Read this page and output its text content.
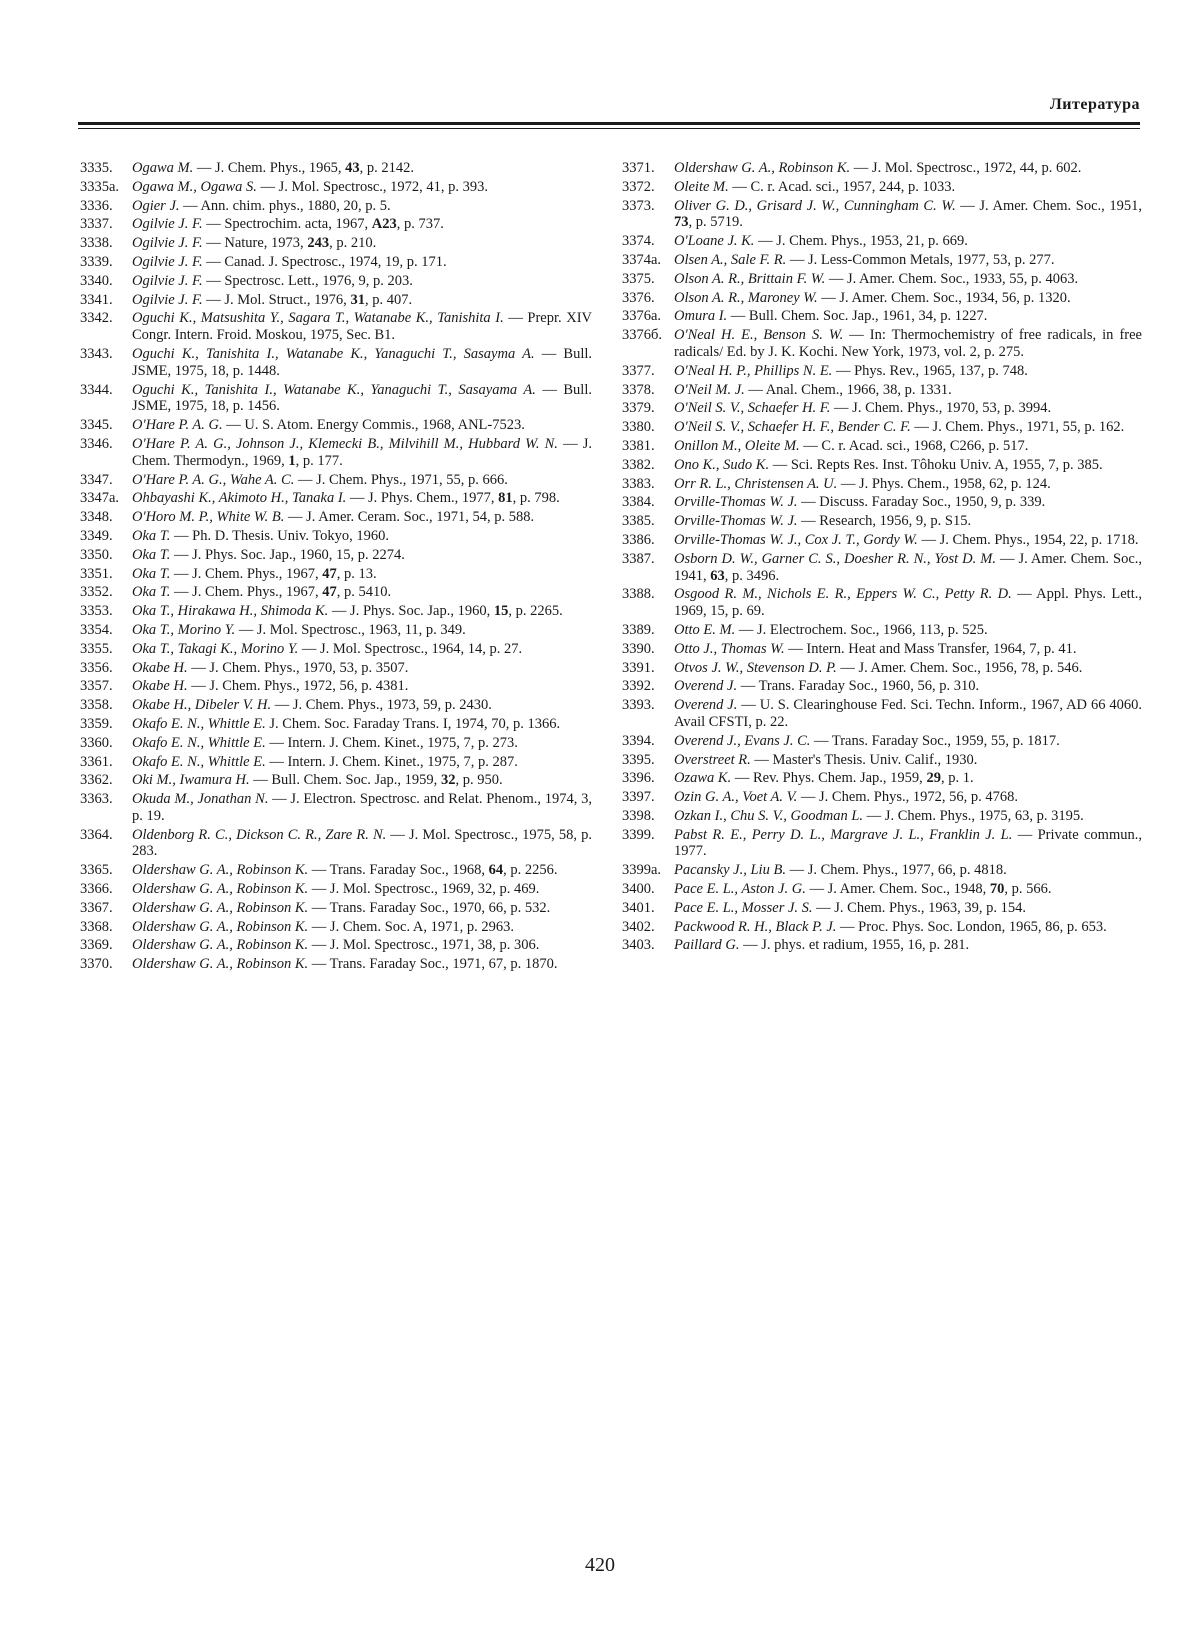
Литература
3335.	Ogawa M. — J. Chem. Phys., 1965, 43, p. 2142.
3335a. Ogawa M., Ogawa S. — J. Mol. Spectrosc., 1972, 41, p. 393.
3336.	Ogier J. — Ann. chim. phys., 1880, 20, p. 5.
3337.	Ogilvie J. F. — Spectrochim. acta, 1967, A23, p. 737.
3338.	Ogilvie J. F. — Nature, 1973, 243, p. 210.
3339.	Ogilvie J. F. — Canad. J. Spectrosc., 1974, 19, p. 171.
3340.	Ogilvie J. F. — Spectrosc. Lett., 1976, 9, p. 203.
3341.	Ogilvie J. F. — J. Mol. Struct., 1976, 31, p. 407.
3342.	Oguchi K., Matsushita Y., Sagara T., Watanabe K., Tanishita I. — Prepr. XIV Congr. Intern. Froid. Moskou, 1975, Sec. B1.
3343.	Oguchi K., Tanishita I., Watanabe K., Yanaguchi T., Sasayma A. — Bull. JSME, 1975, 18, p. 1448.
3344.	Oguchi K., Tanishita I., Watanabe K., Yanaguchi T., Sasayama A. — Bull. JSME, 1975, 18, p. 1456.
3345.	O'Hare P. A. G. — U. S. Atom. Energy Commis., 1968, ANL-7523.
3346.	O'Hare P. A. G., Johnson J., Klemecki B., Milvihill M., Hubbard W. N. — J. Chem. Thermodyn., 1969, 1, p. 177.
3347.	O'Hare P. A. G., Wahe A. C. — J. Chem. Phys., 1971, 55, p. 666.
3347a. Ohbayashi K., Akimoto H., Tanaka I. — J. Phys. Chem., 1977, 81, p. 798.
3348.	O'Horo M. P., White W. B. — J. Amer. Ceram. Soc., 1971, 54, p. 588.
3349.	Oka T. — Ph. D. Thesis. Univ. Tokyo, 1960.
3350.	Oka T. — J. Phys. Soc. Jap., 1960, 15, p. 2274.
3351.	Oka T. — J. Chem. Phys., 1967, 47, p. 13.
3352.	Oka T. — J. Chem. Phys., 1967, 47, p. 5410.
3353.	Oka T., Hirakawa H., Shimoda K. — J. Phys. Soc. Jap., 1960, 15, p. 2265.
3354.	Oka T., Morino Y. — J. Mol. Spectrosc., 1963, 11, p. 349.
3355.	Oka T., Takagi K., Morino Y. — J. Mol. Spectrosc., 1964, 14, p. 27.
3356.	Okabe H. — J. Chem. Phys., 1970, 53, p. 3507.
3357.	Okabe H. — J. Chem. Phys., 1972, 56, p. 4381.
3358.	Okabe H., Dibeler V. H. — J. Chem. Phys., 1973, 59, p. 2430.
3359.	Okafo E. N., Whittle E. J. Chem. Soc. Faraday Trans. I, 1974, 70, p. 1366.
3360.	Okafo E. N., Whittle E. — Intern. J. Chem. Kinet., 1975, 7, p. 273.
3361.	Okafo E. N., Whittle E. — Intern. J. Chem. Kinet., 1975, 7, p. 287.
3362.	Oki M., Iwamura H. — Bull. Chem. Soc. Jap., 1959, 32, p. 950.
3363.	Okuda M., Jonathan N. — J. Electron. Spectrosc. and Relat. Phenom., 1974, 3, p. 19.
3364.	Oldenborg R. C., Dickson C. R., Zare R. N. — J. Mol. Spectrosc., 1975, 58, p. 283.
3365.	Oldershaw G. A., Robinson K. — Trans. Faraday Soc., 1968, 64, p. 2256.
3366.	Oldershaw G. A., Robinson K. — J. Mol. Spectrosc., 1969, 32, p. 469.
3367.	Oldershaw G. A., Robinson K. — Trans. Faraday Soc., 1970, 66, p. 532.
3368.	Oldershaw G. A., Robinson K. — J. Chem. Soc. A, 1971, p. 2963.
3369.	Oldershaw G. A., Robinson K. — J. Mol. Spectrosc., 1971, 38, p. 306.
3370.	Oldershaw G. A., Robinson K. — Trans. Faraday Soc., 1971, 67, p. 1870.
3371.	Oldershaw G. A., Robinson K. — J. Mol. Spectrosc., 1972, 44, p. 602.
3372.	Oleite M. — C. r. Acad. sci., 1957, 244, p. 1033.
3373.	Oliver G. D., Grisard J. W., Cunningham C. W. — J. Amer. Chem. Soc., 1951, 73, p. 5719.
3374.	O'Loane J. K. — J. Chem. Phys., 1953, 21, p. 669.
3374a. Olsen A., Sale F. R. — J. Less-Common Metals, 1977, 53, p. 277.
3375.	Olson A. R., Brittain F. W. — J. Amer. Chem. Soc., 1933, 55, p. 4063.
3376.	Olson A. R., Maroney W. — J. Amer. Chem. Soc., 1934, 56, p. 1320.
3376a. Omura I. — Bull. Chem. Soc. Jap., 1961, 34, p. 1227.
3376б. O'Neal H. E., Benson S. W. — In: Thermochemistry of free radicals, in free radicals/ Ed. by J. K. Kochi. New York, 1973, vol. 2, p. 275.
3377.	O'Neal H. P., Phillips N. E. — Phys. Rev., 1965, 137, p. 748.
3378.	O'Neil M. J. — Anal. Chem., 1966, 38, p. 1331.
3379.	O'Neil S. V., Schaefer H. F. — J. Chem. Phys., 1970, 53, p. 3994.
3380.	O'Neil S. V., Schaefer H. F., Bender C. F. — J. Chem. Phys., 1971, 55, p. 162.
3381.	Onillon M., Oleite M. — C. r. Acad. sci., 1968, C266, p. 517.
3382.	Ono K., Sudo K. — Sci. Repts Res. Inst. Tôhoku Univ. A, 1955, 7, p. 385.
3383.	Orr R. L., Christensen A. U. — J. Phys. Chem., 1958, 62, p. 124.
3384.	Orville-Thomas W. J. — Discuss. Faraday Soc., 1950, 9, p. 339.
3385.	Orville-Thomas W. J. — Research, 1956, 9, p. S15.
3386.	Orville-Thomas W. J., Cox J. T., Gordy W. — J. Chem. Phys., 1954, 22, p. 1718.
3387.	Osborn D. W., Garner C. S., Doesher R. N., Yost D. M. — J. Amer. Chem. Soc., 1941, 63, p. 3496.
3388.	Osgood R. M., Nichols E. R., Eppers W. C., Petty R. D. — Appl. Phys. Lett., 1969, 15, p. 69.
3389.	Otto E. M. — J. Electrochem. Soc., 1966, 113, p. 525.
3390.	Otto J., Thomas W. — Intern. Heat and Mass Transfer, 1964, 7, p. 41.
3391.	Otvos J. W., Stevenson D. P. — J. Amer. Chem. Soc., 1956, 78, p. 546.
3392.	Overend J. — Trans. Faraday Soc., 1960, 56, p. 310.
3393.	Overend J. — U. S. Clearinghouse Fed. Sci. Techn. Inform., 1967, AD 66 4060. Avail CFSTI, p. 22.
3394.	Overend J., Evans J. C. — Trans. Faraday Soc., 1959, 55, p. 1817.
3395.	Overstreet R. — Master's Thesis. Univ. Calif., 1930.
3396.	Ozawa K. — Rev. Phys. Chem. Jap., 1959, 29, p. 1.
3397.	Ozin G. A., Voet A. V. — J. Chem. Phys., 1972, 56, p. 4768.
3398.	Ozkan I., Chu S. V., Goodman L. — J. Chem. Phys., 1975, 63, p. 3195.
3399.	Pabst R. E., Perry D. L., Margrave J. L., Franklin J. L. — Private commun., 1977.
3399a. Pacansky J., Liu B. — J. Chem. Phys., 1977, 66, p. 4818.
3400.	Pace E. L., Aston J. G. — J. Amer. Chem. Soc., 1948, 70, p. 566.
3401.	Pace E. L., Mosser J. S. — J. Chem. Phys., 1963, 39, p. 154.
3402.	Packwood R. H., Black P. J. — Proc. Phys. Soc. London, 1965, 86, p. 653.
3403.	Paillard G. — J. phys. et radium, 1955, 16, p. 281.
420
